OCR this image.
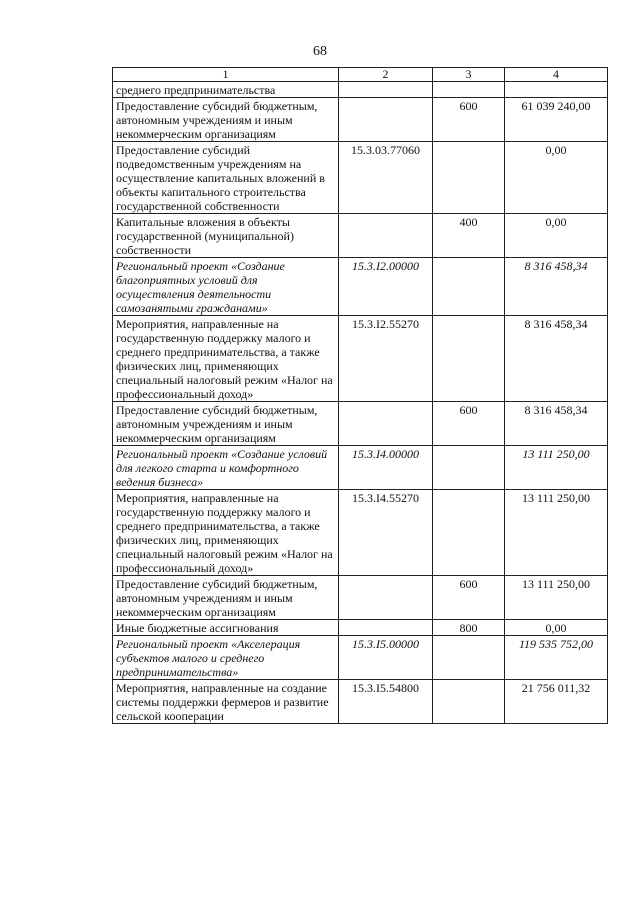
68
1	2	3	4
среднего предпринимательства			
Предоставление субсидий бюджетным, автономным учреждениям и иным некоммерческим организациям		600	61 039 240,00
Предоставление субсидий подведомственным учреждениям на осуществление капитальных вложений в объекты капитального строительства государственной собственности	15.3.03.77060		0,00
Капитальные вложения в объекты государственной (муниципальной) собственности		400	0,00
Региональный проект «Создание благоприятных условий для осуществления деятельности самозанятыми гражданами»	15.3.I2.00000		8 316 458,34
Мероприятия, направленные на государственную поддержку малого и среднего предпринимательства, а также физических лиц, применяющих специальный налоговый режим «Налог на профессиональный доход»	15.3.I2.55270		8 316 458,34
Предоставление субсидий бюджетным, автономным учреждениям и иным некоммерческим организациям		600	8 316 458,34
Региональный проект «Создание условий для легкого старта и комфортного ведения бизнеса»	15.3.I4.00000		13 111 250,00
Мероприятия, направленные на государственную поддержку малого и среднего предпринимательства, а также физических лиц, применяющих специальный налоговый режим «Налог на профессиональный доход»	15.3.I4.55270		13 111 250,00
Предоставление субсидий бюджетным, автономным учреждениям и иным некоммерческим организациям		600	13 111 250,00
Иные бюджетные ассигнования		800	0,00
Региональный проект «Акселерация субъектов малого и среднего предпринимательства»	15.3.I5.00000		119 535 752,00
Мероприятия, направленные на создание системы поддержки фермеров и развитие сельской кооперации	15.3.I5.54800		21 756 011,32
